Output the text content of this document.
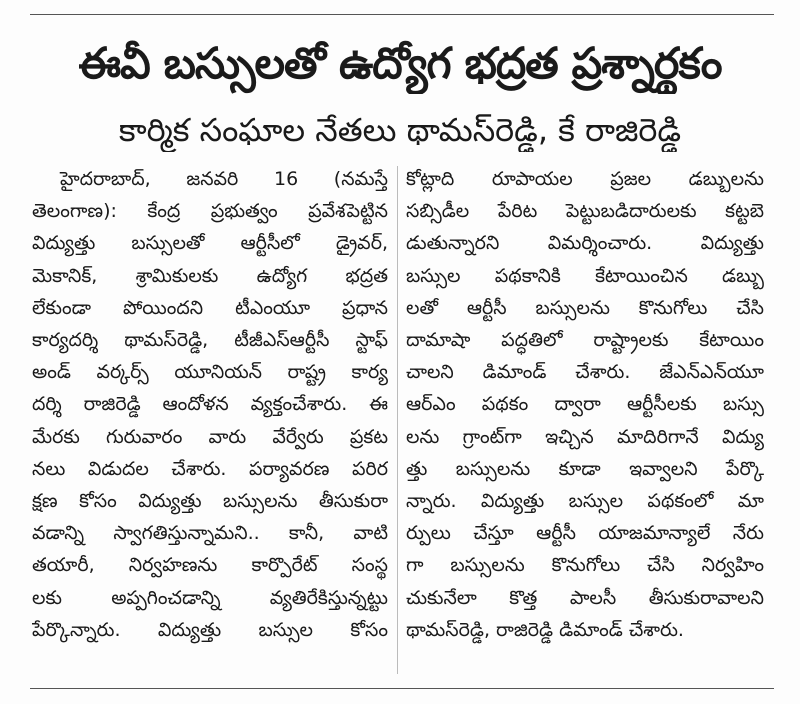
ఈవీ బస్సులతో ఉద్యోగ భద్రత ప్రశ్నార్థకం
కార్మిక సంఘాల నేతలు థామస్‌రెడ్డి, కే రాజిరెడ్డి
హైదరాబాద్, జనవరి 16 (నమస్తే
తెలంగాణ): కేంద్ర ప్రభుత్వం ప్రవేశపెట్టిన
విద్యుత్తు బస్సులతో ఆర్టీసీలో డ్రైవర్,
మెకానిక్, శ్రామికులకు ఉద్యోగ భద్రత
లేకుండా పోయిందని టీఎంయూ ప్రధాన
కార్యదర్శి థామస్‌రెడ్డి, టీజీఎస్‌ఆర్టీసీ స్టాఫ్
అండ్ వర్కర్స్ యూనియన్ రాష్ట్ర కార్య
దర్శి రాజిరెడ్డి ఆందోళన వ్యక్తంచేశారు. ఈ
మేరకు గురువారం వారు వేర్వేరు ప్రకట
నలు విడుదల చేశారు. పర్యావరణ పరిర
క్షణ కోసం విద్యుత్తు బస్సులను తీసుకురా
వడాన్ని స్వాగతిస్తున్నామని.. కానీ, వాటి
తయారీ, నిర్వహణను కార్పొరేట్ సంస్థ
లకు అప్పగించడాన్ని వ్యతిరేకిస్తున్నట్టు
పేర్కొన్నారు. విద్యుత్తు బస్సుల కోసం
కోట్లాది రూపాయల ప్రజల డబ్బులను
సబ్సిడీల పేరిట పెట్టుబడిదారులకు కట్టబె
డుతున్నారని విమర్శించారు. విద్యుత్తు
బస్సుల పథకానికి కేటాయించిన డబ్బు
లతో ఆర్టీసీ బస్సులను కొనుగోలు చేసి
దామాషా పద్ధతిలో రాష్ట్రాలకు కేటాయిం
చాలని డిమాండ్ చేశారు. జేఎన్‌ఎన్‌యూ
ఆర్ఎం పథకం ద్వారా ఆర్టీసీలకు బస్సు
లను గ్రాంట్‌గా ఇచ్చిన మాదిరిగానే విద్యు
త్తు బస్సులను కూడా ఇవ్వాలని పేర్కొ
న్నారు. విద్యుత్తు బస్సుల పథకంలో మా
ర్పులు చేస్తూ ఆర్టీసీ యాజమాన్యాలే నేరు
గా బస్సులను కొనుగోలు చేసి నిర్వహిం
చుకునేలా కొత్త పాలసీ తీసుకురావాలని
థామస్‌రెడ్డి, రాజిరెడ్డి డిమాండ్ చేశారు.
